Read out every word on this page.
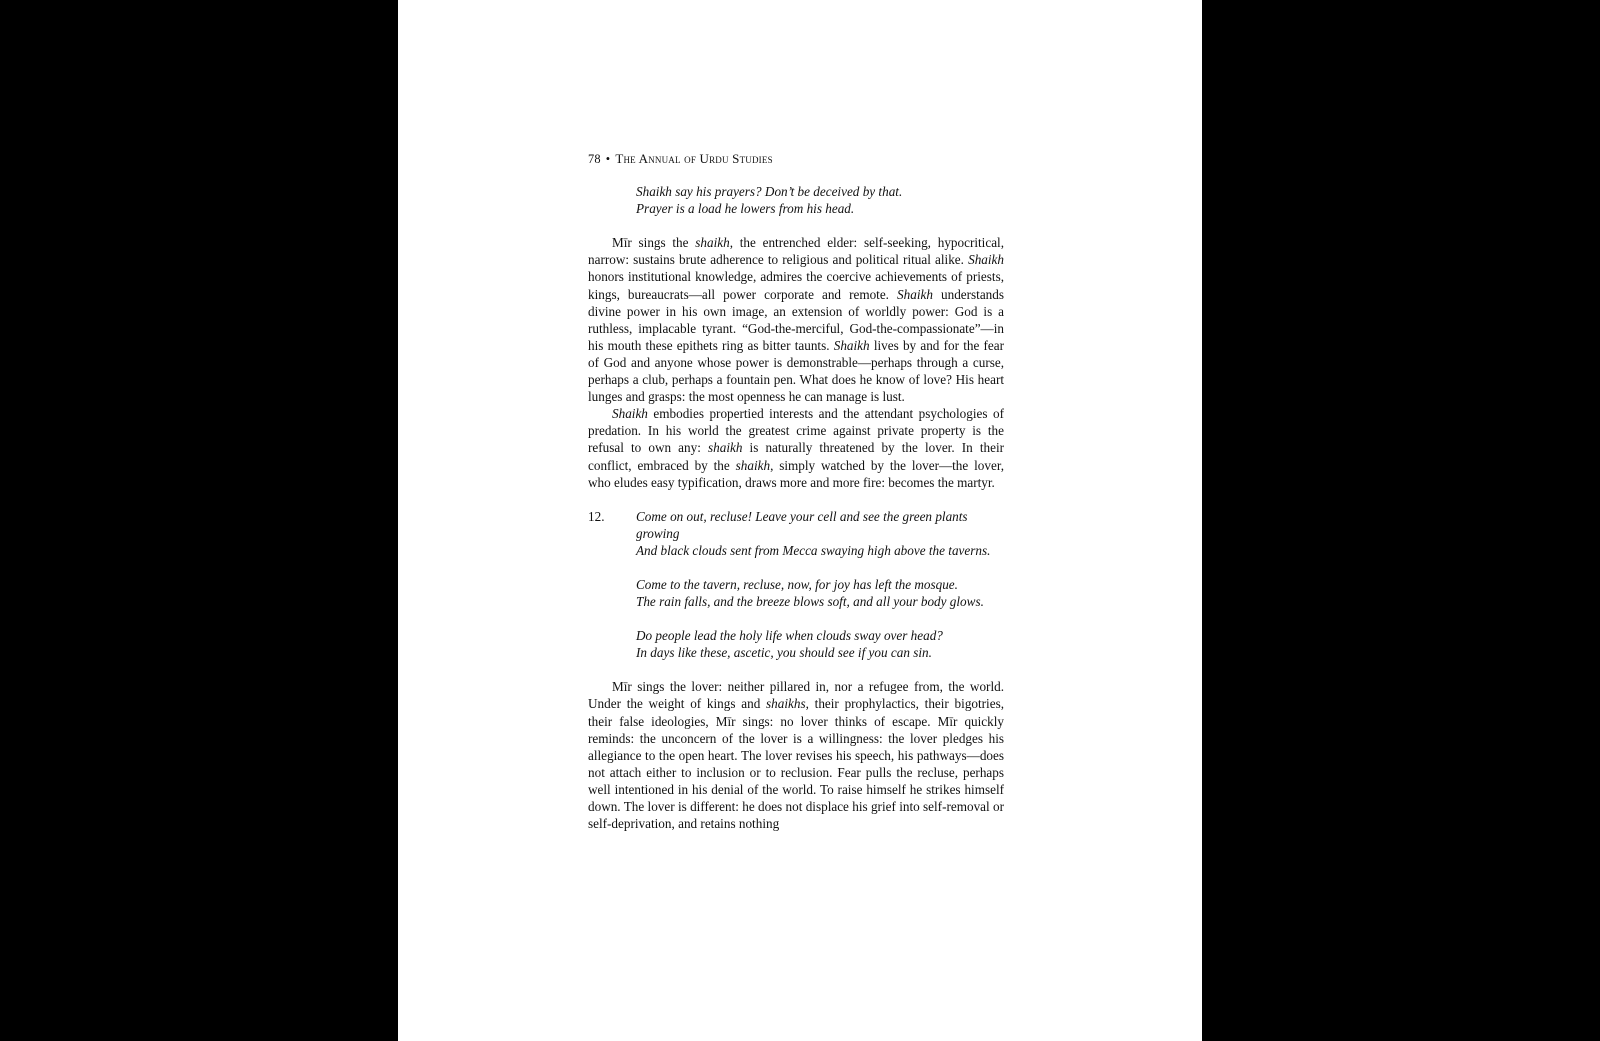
78 • The Annual of Urdu Studies
Shaikh say his prayers? Don’t be deceived by that.
Prayer is a load he lowers from his head.

Mīr sings the shaikh, the entrenched elder: self-seeking, hypocritical, narrow: sustains brute adherence to religious and political ritual alike. Shaikh honors institutional knowledge, admires the coercive achievements of priests, kings, bureaucrats—all power corporate and remote. Shaikh understands divine power in his own image, an extension of worldly power: God is a ruthless, implacable tyrant. “God-the-merciful, God-the-compassionate”—in his mouth these epithets ring as bitter taunts. Shaikh lives by and for the fear of God and anyone whose power is demonstrable—perhaps through a curse, perhaps a club, perhaps a fountain pen. What does he know of love? His heart lunges and grasps: the most openness he can manage is lust.

Shaikh embodies propertied interests and the attendant psychologies of predation. In his world the greatest crime against private property is the refusal to own any: shaikh is naturally threatened by the lover. In their conflict, embraced by the shaikh, simply watched by the lover—the lover, who eludes easy typification, draws more and more fire: becomes the martyr.

12. Come on out, recluse! Leave your cell and see the green plants
growing
And black clouds sent from Mecca swaying high above the taverns.
Come to the tavern, recluse, now, for joy has left the mosque.
The rain falls, and the breeze blows soft, and all your body glows.
Do people lead the holy life when clouds sway over head?
In days like these, ascetic, you should see if you can sin.

Mīr sings the lover: neither pillared in, nor a refugee from, the world. Under the weight of kings and shaikhs, their prophylactics, their bigotries, their false ideologies, Mīr sings: no lover thinks of escape. Mīr quickly reminds: the unconcern of the lover is a willingness: the lover pledges his allegiance to the open heart. The lover revises his speech, his pathways—does not attach either to inclusion or to reclusion. Fear pulls the recluse, perhaps well intentioned in his denial of the world. To raise himself he strikes himself down. The lover is different: he does not displace his grief into self-removal or self-deprivation, and retains nothing
